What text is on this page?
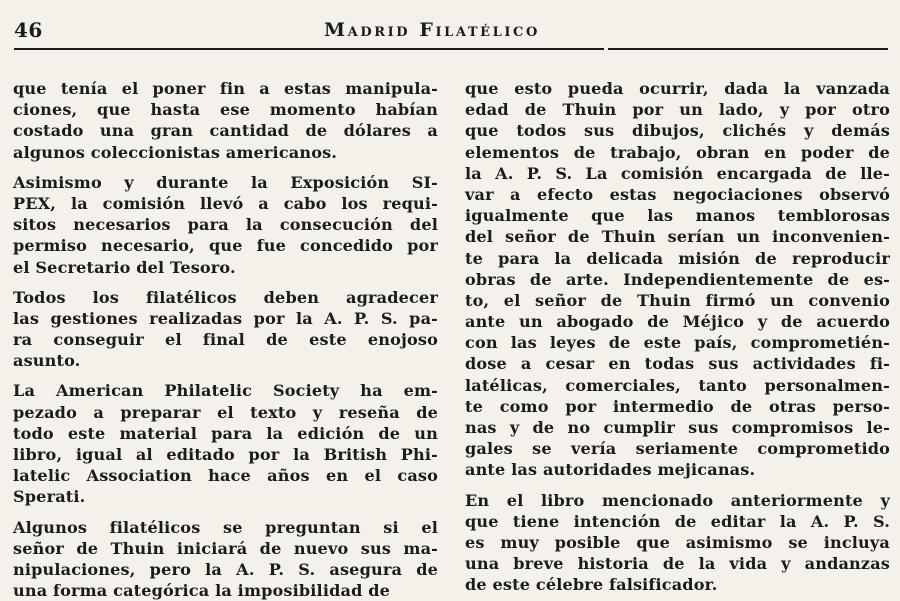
46	Madrid Filatélico
que tenía el poner fin a estas manipula-
ciones, que hasta ese momento habían
costado una gran cantidad de dólares a
algunos coleccionistas americanos.
Asimismo y durante la Exposición SI-
PEX, la comisión llevó a cabo los requi-
sitos necesarios para la consecución del
permiso necesario, que fue concedido por
el Secretario del Tesoro.
Todos los filatélicos deben agradecer
las gestiones realizadas por la A. P. S. pa-
ra conseguir el final de este enojoso
asunto.
La American Philatelic Society ha em-
pezado a preparar el texto y reseña de
todo este material para la edición de un
libro, igual al editado por la British Phi-
latelic Association hace años en el caso
Sperati.
Algunos filatélicos se preguntan si el
señor de Thuin iniciará de nuevo sus ma-
nipulaciones, pero la A. P. S. asegura de
una forma categórica la imposibilidad de
que esto pueda ocurrir, dada la vanzada
edad de Thuin por un lado, y por otro
que todos sus dibujos, clichés y demás
elementos de trabajo, obran en poder de
la A. P. S. La comisión encargada de lle-
var a efecto estas negociaciones observó
igualmente que las manos temblorosas
del señor de Thuin serían un inconvenien-
te para la delicada misión de reproducir
obras de arte. Independientemente de es-
to, el señor de Thuin firmó un convenio
ante un abogado de Méjico y de acuerdo
con las leyes de este país, comprometién-
dose a cesar en todas sus actividades fi-
latélicas, comerciales, tanto personalmen-
te como por intermedio de otras perso-
nas y de no cumplir sus compromisos le-
gales se vería seriamente comprometido
ante las autoridades mejicanas.
En el libro mencionado anteriormente y
que tiene intención de editar la A. P. S.
es muy posible que asimismo se incluya
una breve historia de la vida y andanzas
de este célebre falsificador.
